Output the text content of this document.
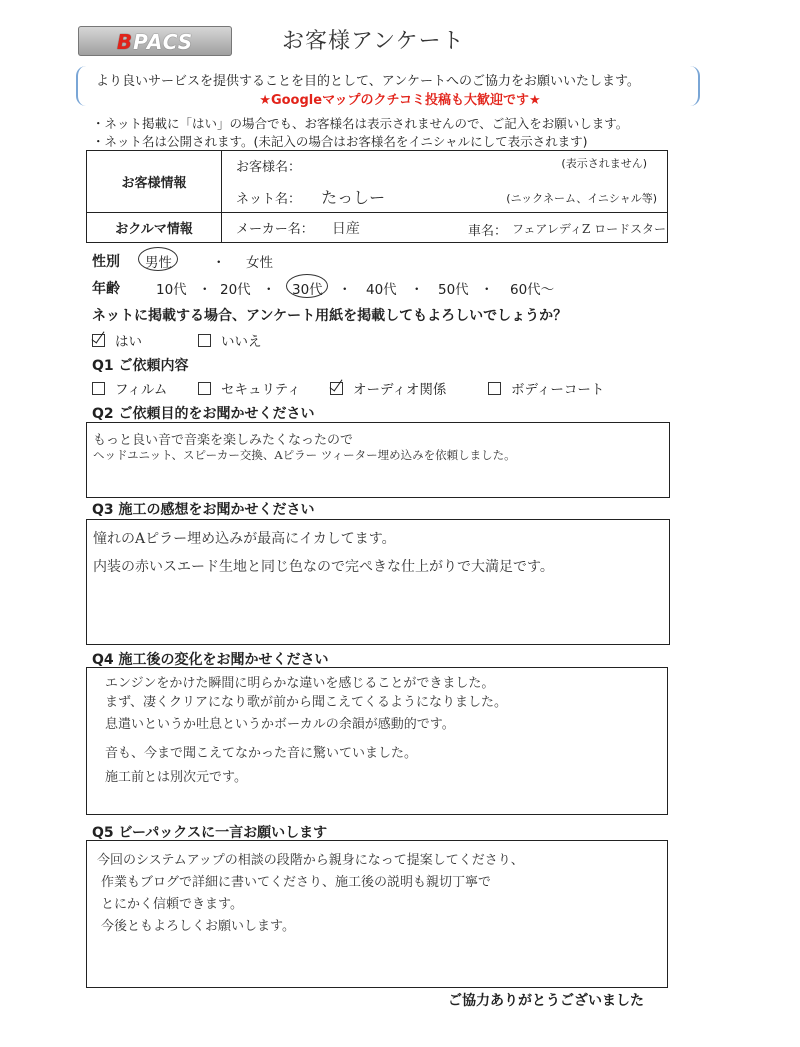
BPACS	お客様アンケート
より良いサービスを提供することを目的として、アンケートへのご協力をお願いいたします。
★Googleマップのクチコミ投稿も大歓迎です★
・ネット掲載に「はい」の場合でも、お客様名は表示されませんので、ご記入をお願いします。
・ネット名は公開されます。(未記入の場合はお客様名をイニシャルにして表示されます)
お客様情報	お客様名： (表示されません)

	ネット名： たっしー (ニックネーム、イニシャル等)

おクルマ情報	メーカー名： 日産 車名： フェアレディZ ロードスター
性別 男性	・ 女性
年齢	10代 ・ 20代 ・ 30代 ・ 40代 ・ 50代 ・ 60代〜
ネットに掲載する場合、アンケート用紙を掲載してもよろしいでしょうか？
はい	いいえ
Q1 ご依頼内容
フィルム	セキュリティ	オーディオ関係	ボディーコート
Q2 ご依頼目的をお聞かせください
もっと良い音で音楽を楽しみたくなったので
ヘッドユニット、スピーカー交換、Aピラー ツィーター埋め込みを依頼しました。
Q3 施工の感想をお聞かせください
憧れのAピラー埋め込みが最高にイカしてます。
内装の赤いスエード生地と同じ色なので完ぺきな仕上がりで大満足です。
Q4 施工後の変化をお聞かせください
エンジンをかけた瞬間に明らかな違いを感じることができました。
まず、凄くクリアになり歌が前から聞こえてくるようになりました。
息遣いというか吐息というかボーカルの余韻が感動的です。
音も、今まで聞こえてなかった音に驚いていました。
施工前とは別次元です。
Q5 ビーパックスに一言お願いします
今回のシステムアップの相談の段階から親身になって提案してくださり、
作業もブログで詳細に書いてくださり、施工後の説明も親切丁寧で
とにかく信頼できます。
今後ともよろしくお願いします。
ご協力ありがとうございました
